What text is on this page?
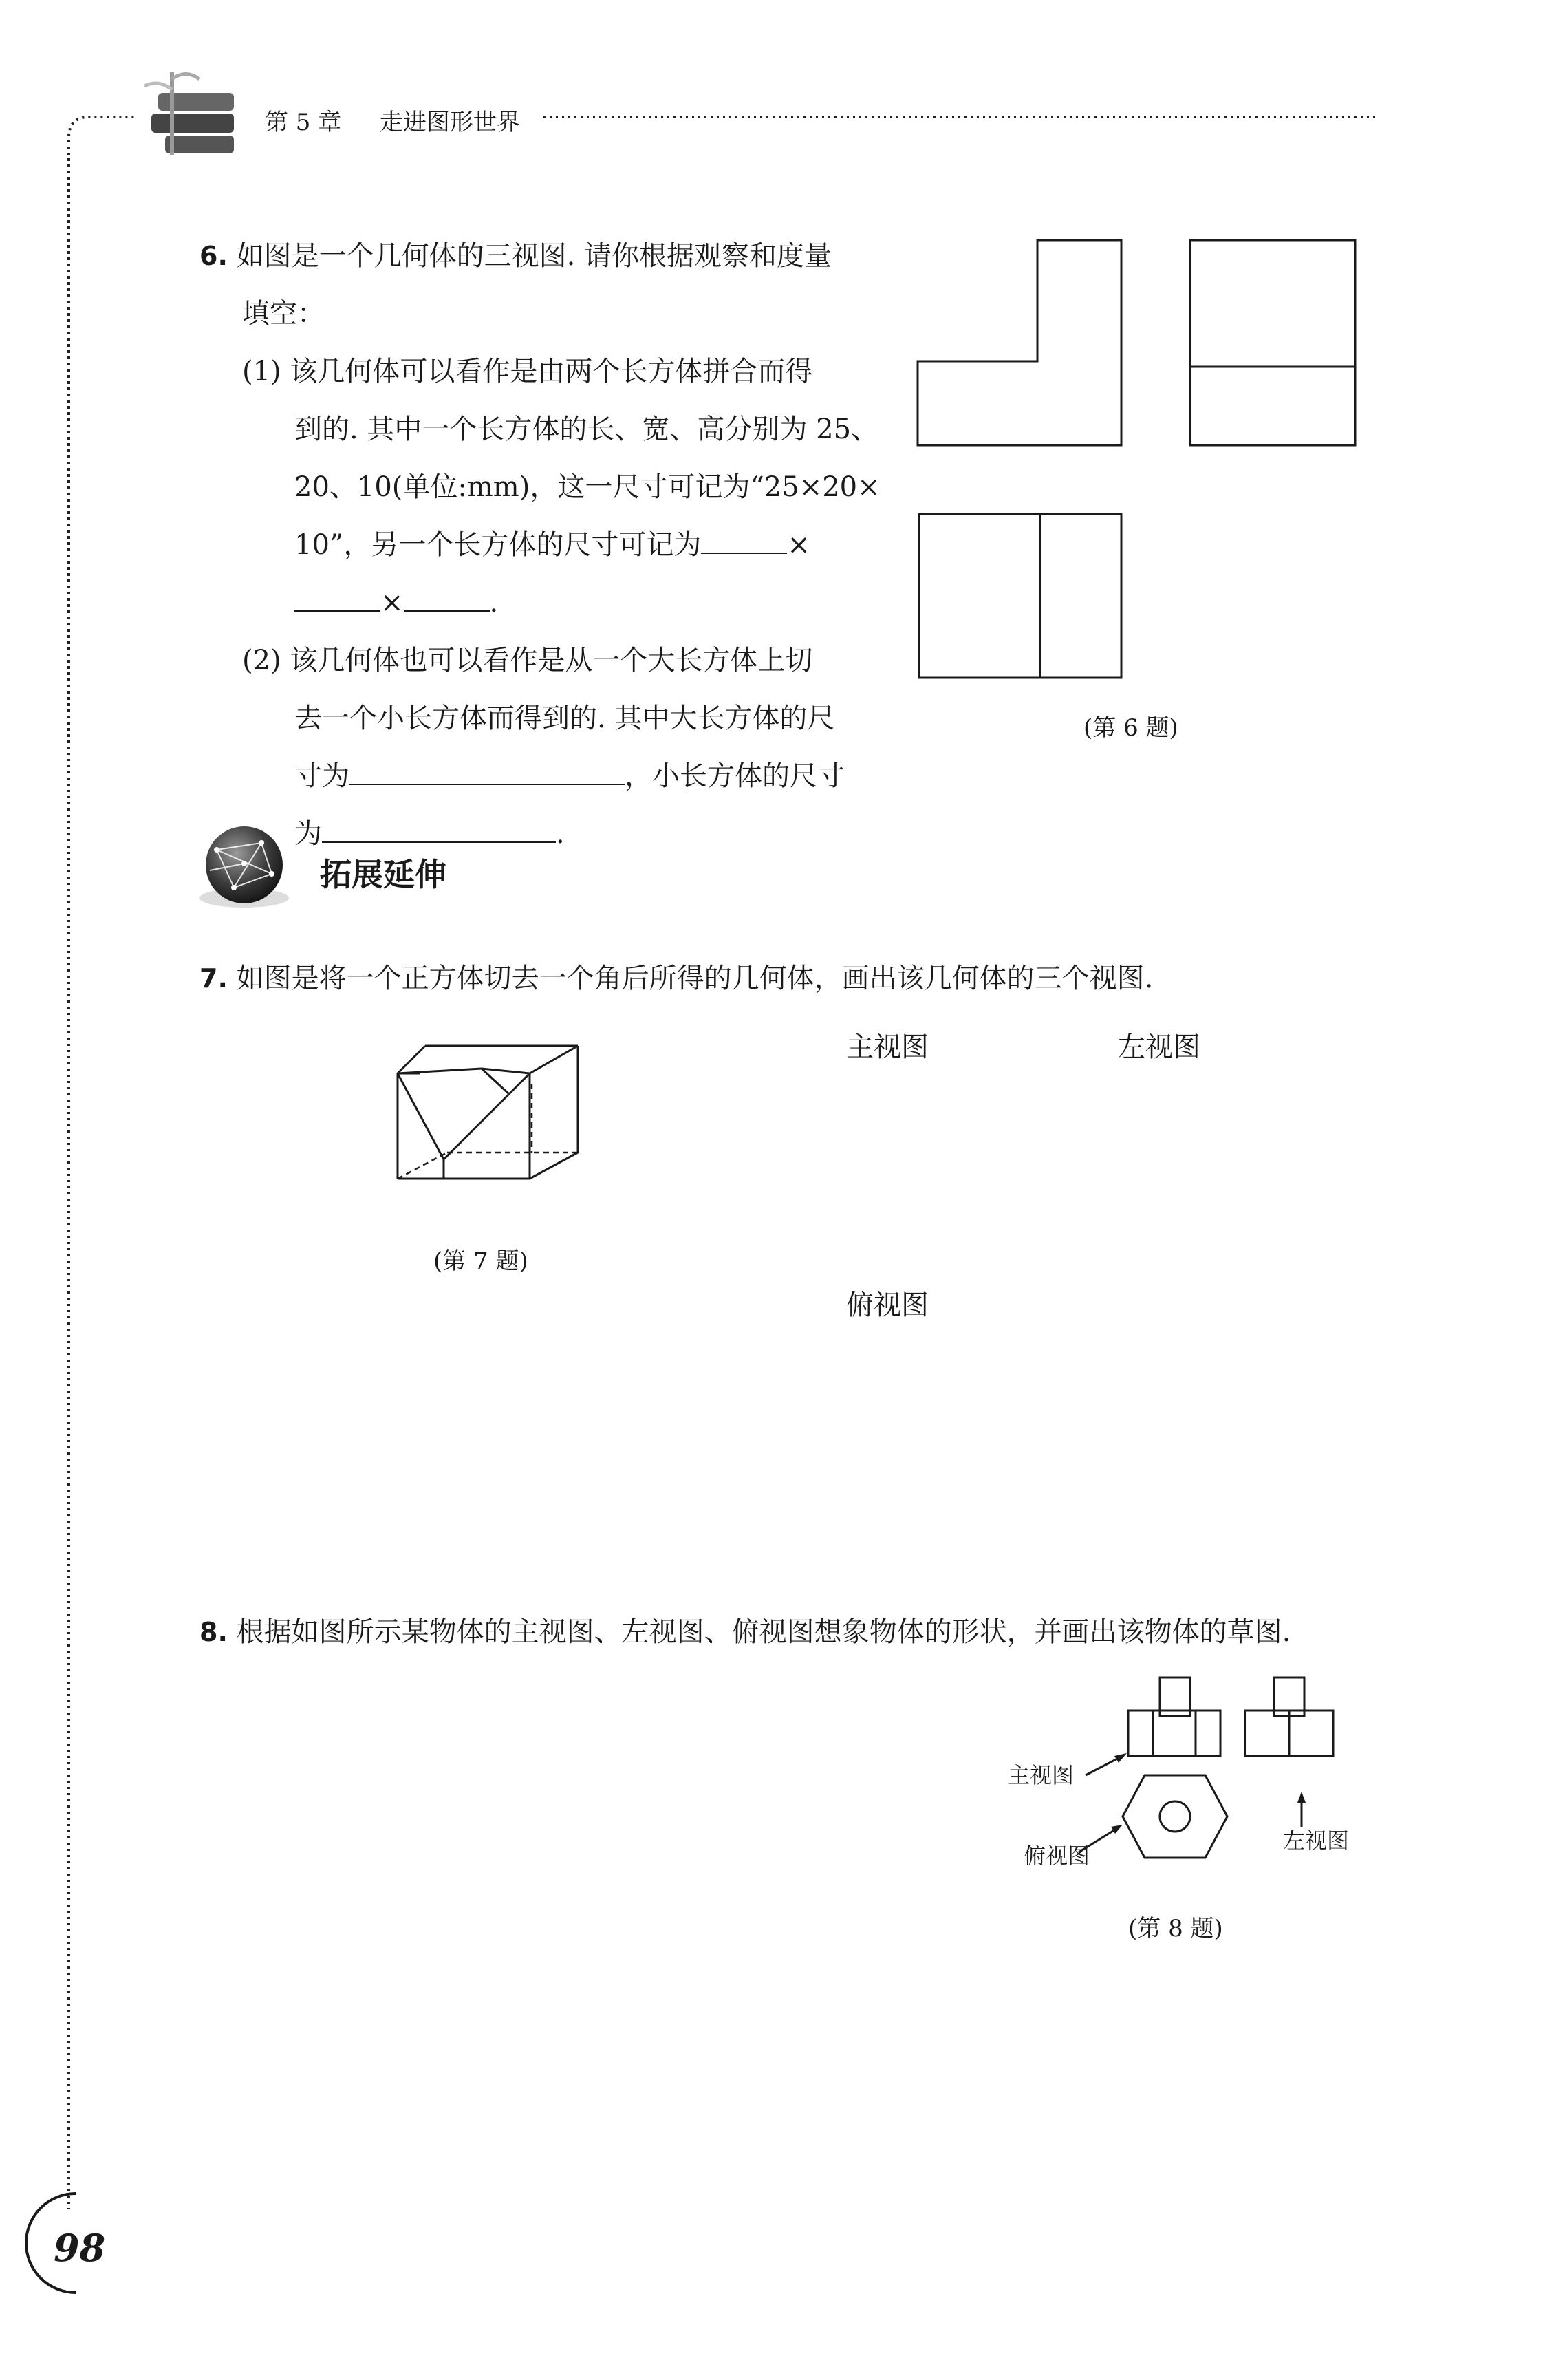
第 5 章 走进图形世界
6. 如图是一个几何体的三视图. 请你根据观察和度量
填空：
(1) 该几何体可以看作是由两个长方体拼合而得
到的. 其中一个长方体的长、宽、高分别为 25、
20、10(单位:mm)，这一尺寸可记为“25×20×
10”，另一个长方体的尺寸可记为	×
×	.
(2) 该几何体也可以看作是从一个大长方体上切
去一个小长方体而得到的. 其中大长方体的尺
寸为	，小长方体的尺寸
为	.
(第 6 题)
拓展延伸
7. 如图是将一个正方体切去一个角后所得的几何体，画出该几何体的三个视图.
(第 7 题)
主视图	左视图
俯视图
8. 根据如图所示某物体的主视图、左视图、俯视图想象物体的形状，并画出该物体的草图.
主视图
俯视图
左视图
(第 8 题)
98
